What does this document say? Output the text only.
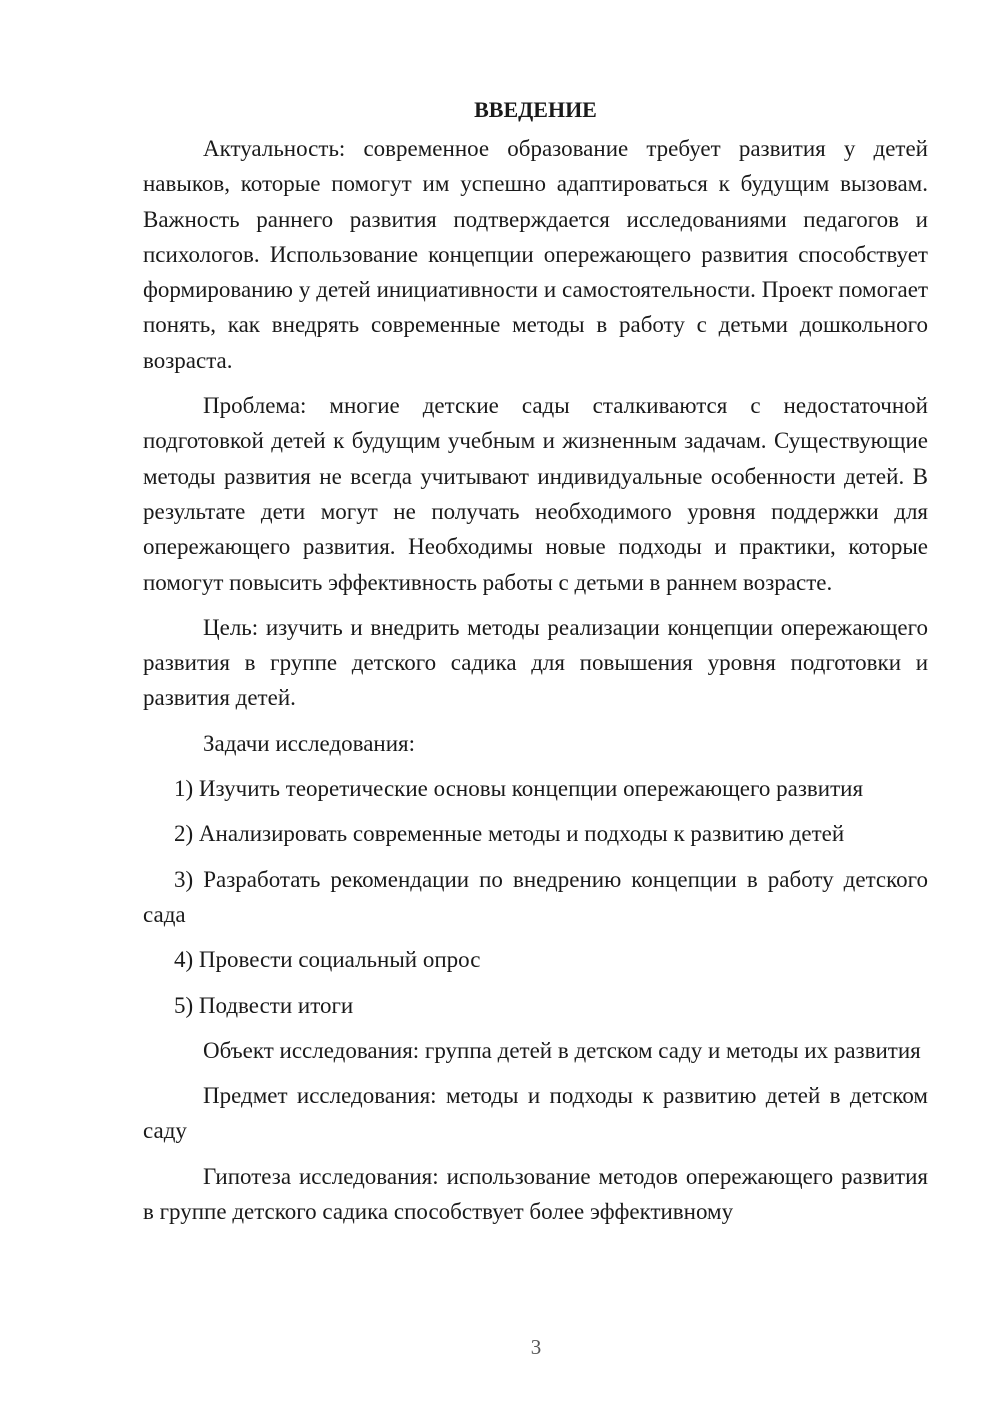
ВВЕДЕНИЕ

Актуальность: современное образование требует развития у детей навыков, которые помогут им успешно адаптироваться к будущим вызовам. Важность раннего развития подтверждается исследованиями педагогов и психологов. Использование концепции опережающего развития способствует формированию у детей инициативности и самостоятельности. Проект помогает понять, как внедрять современные методы в работу с детьми дошкольного возраста.

Проблема: многие детские сады сталкиваются с недостаточной подготовкой детей к будущим учебным и жизненным задачам. Существующие методы развития не всегда учитывают индивидуальные особенности детей. В результате дети могут не получать необходимого уровня поддержки для опережающего развития. Необходимы новые подходы и практики, которые помогут повысить эффективность работы с детьми в раннем возрасте.

Цель: изучить и внедрить методы реализации концепции опережающего развития в группе детского садика для повышения уровня подготовки и развития детей.

Задачи исследования:

1) Изучить теоретические основы концепции опережающего развития

2) Анализировать современные методы и подходы к развитию детей

3) Разработать рекомендации по внедрению концепции в работу детского сада

4) Провести социальный опрос

5) Подвести итоги

Объект исследования: группа детей в детском саду и методы их развития

Предмет исследования: методы и подходы к развитию детей в детском саду

Гипотеза исследования: использование методов опережающего развития в группе детского садика способствует более эффективному

3
